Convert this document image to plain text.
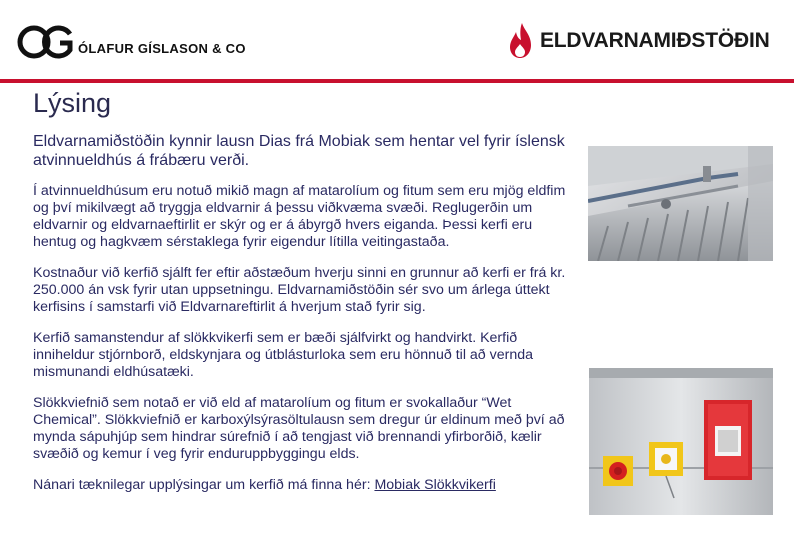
ÓLAFUR GÍSLASON & CO	ELDVARNAMIÐSTÖÐIN
Lýsing

Eldvarnamiðstöðin kynnir lausn Dias frá Mobiak sem hentar vel fyrir íslensk atvinnueldhús á frábæru verði.

Í atvinnueldhúsum eru notuð mikið magn af matarolíum og fitum sem eru mjög eldfim og því mikilvægt að tryggja eldvarnir á þessu viðkvæma svæði. Reglugerðin um eldvarnir og eldvarnaeftirlit er skýr og er á ábyrgð hvers eiganda. Þessi kerfi eru hentug og hagkvæm sérstaklega fyrir eigendur lítilla veitingastaða.

Kostnaður við kerfið sjálft fer eftir aðstæðum hverju sinni en grunnur að kerfi er frá kr. 250.000 án vsk fyrir utan uppsetningu. Eldvarnamiðstöðin sér svo um árlega úttekt kerfisins í samstarfi við Eldvarnareftirlit á hverjum stað fyrir sig.

Kerfið samanstendur af slökkvikerfi sem er bæði sjálfvirkt og handvirkt. Kerfið inniheldur stjórnborð, eldskynjara og útblásturloka sem eru hönnuð til að vernda mismunandi eldhúsatæki.

Slökkviefnið sem notað er við eld af matarolíum og fitum er svokallaður “Wet Chemical”. Slökkviefnið er karboxýlsýrasöltulausn sem dregur úr eldinum með því að mynda sápuhjúp sem hindrar súrefnið í að tengjast við brennandi yfirborðið, kælir svæðið og kemur í veg fyrir enduruppbyggingu elds.

Nánari tæknilegar upplýsingar um kerfið má finna hér: Mobiak Slökkvikerfi
